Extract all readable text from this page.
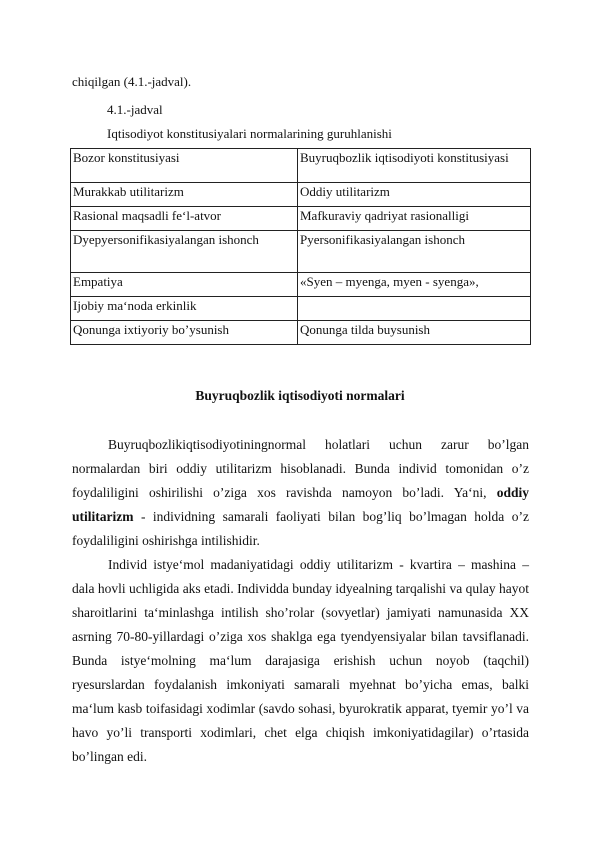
chiqilgan (4.1.-jadval).
4.1.-jadval
Iqtisodiyot konstitusiyalari normalarining guruhlanishi
Bozor konstitusiyasi	Buyruqbozlik iqtisodiyoti konstitusiyasi
Murakkab utilitarizm	Oddiy utilitarizm
Rasional maqsadli fe‘l-atvor	Mafkuraviy qadriyat rasionalligi
Dyepyersonifikasiyalangan ishonch	Pyersonifikasiyalangan ishonch
Empatiya	«Syen – myenga, myen - syenga»,
Ijobiy ma‘noda erkinlik	
Qonunga ixtiyoriy bo’ysunish	Qonunga tilda buysunish
Buyruqbozlik iqtisodiyoti normalari

Buyruqbozlikiqtisodiyotiningnormal holatlari uchun zarur bo’lgan normalardan biri oddiy utilitarizm hisoblanadi. Bunda individ tomonidan o’z foydaliligini oshirilishi o’ziga xos ravishda namoyon bo’ladi. Ya‘ni, oddiy utilitarizm - individning samarali faoliyati bilan bog’liq bo’lmagan holda o’z foydaliligini oshirishga intilishidir.

Individ istye‘mol madaniyatidagi oddiy utilitarizm - kvartira – mashina – dala hovli uchligida aks etadi. Individda bunday idyealning tarqalishi va qulay hayot sharoitlarini ta‘minlashga intilish sho’rolar (sovyetlar) jamiyati namunasida XX asrning 70-80-yillardagi o’ziga xos shaklga ega tyendyensiyalar bilan tavsiflanadi. Bunda istye‘molning ma‘lum darajasiga erishish uchun noyob (taqchil) ryesurslardan foydalanish imkoniyati samarali myehnat bo’yicha emas, balki ma‘lum kasb toifasidagi xodimlar (savdo sohasi, byurokratik apparat, tyemir yo’l va havo yo’li transporti xodimlari, chet elga chiqish imkoniyatidagilar) o’rtasida bo’lingan edi.
